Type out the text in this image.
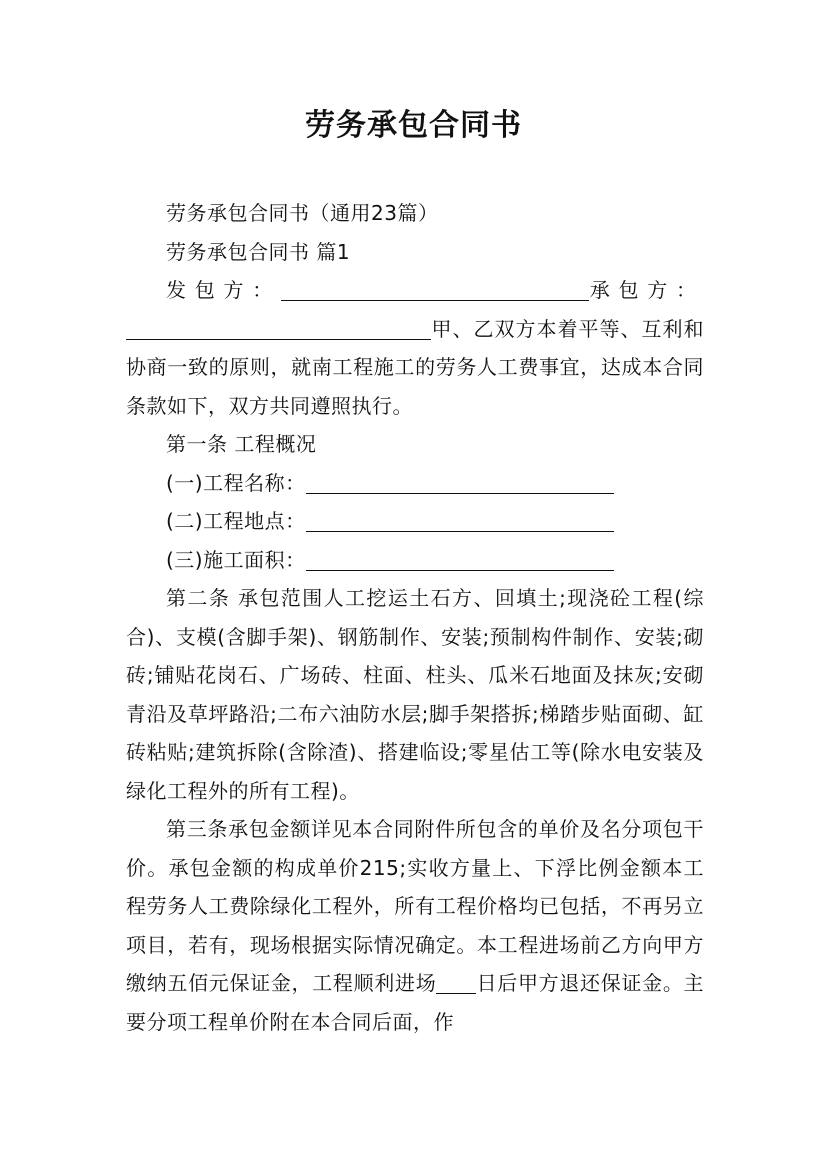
劳务承包合同书

劳务承包合同书（通用23篇）

劳务承包合同书 篇1

发包方：	承包方：甲、乙双方本着平等、互利和协商一致的原则，就南工程施工的劳务人工费事宜，达成本合同条款如下，双方共同遵照执行。

第一条 工程概况

(一)工程名称：

(二)工程地点：

(三)施工面积：

第二条 承包范围人工挖运土石方、回填土;现浇砼工程(综合)、支模(含脚手架)、钢筋制作、安装;预制构件制作、安装;砌砖;铺贴花岗石、广场砖、柱面、柱头、瓜米石地面及抹灰;安砌青沿及草坪路沿;二布六油防水层;脚手架搭拆;梯踏步贴面砌、缸砖粘贴;建筑拆除(含除渣)、搭建临设;零星估工等(除水电安装及绿化工程外的所有工程)。

第三条承包金额详见本合同附件所包含的单价及名分项包干价。承包金额的构成单价215;实收方量上、下浮比例金额本工程劳务人工费除绿化工程外，所有工程价格均已包括，不再另立项目，若有，现场根据实际情况确定。本工程进场前乙方向甲方缴纳五佰元保证金，工程顺利进场 日后甲方退还保证金。主要分项工程单价附在本合同后面，作
